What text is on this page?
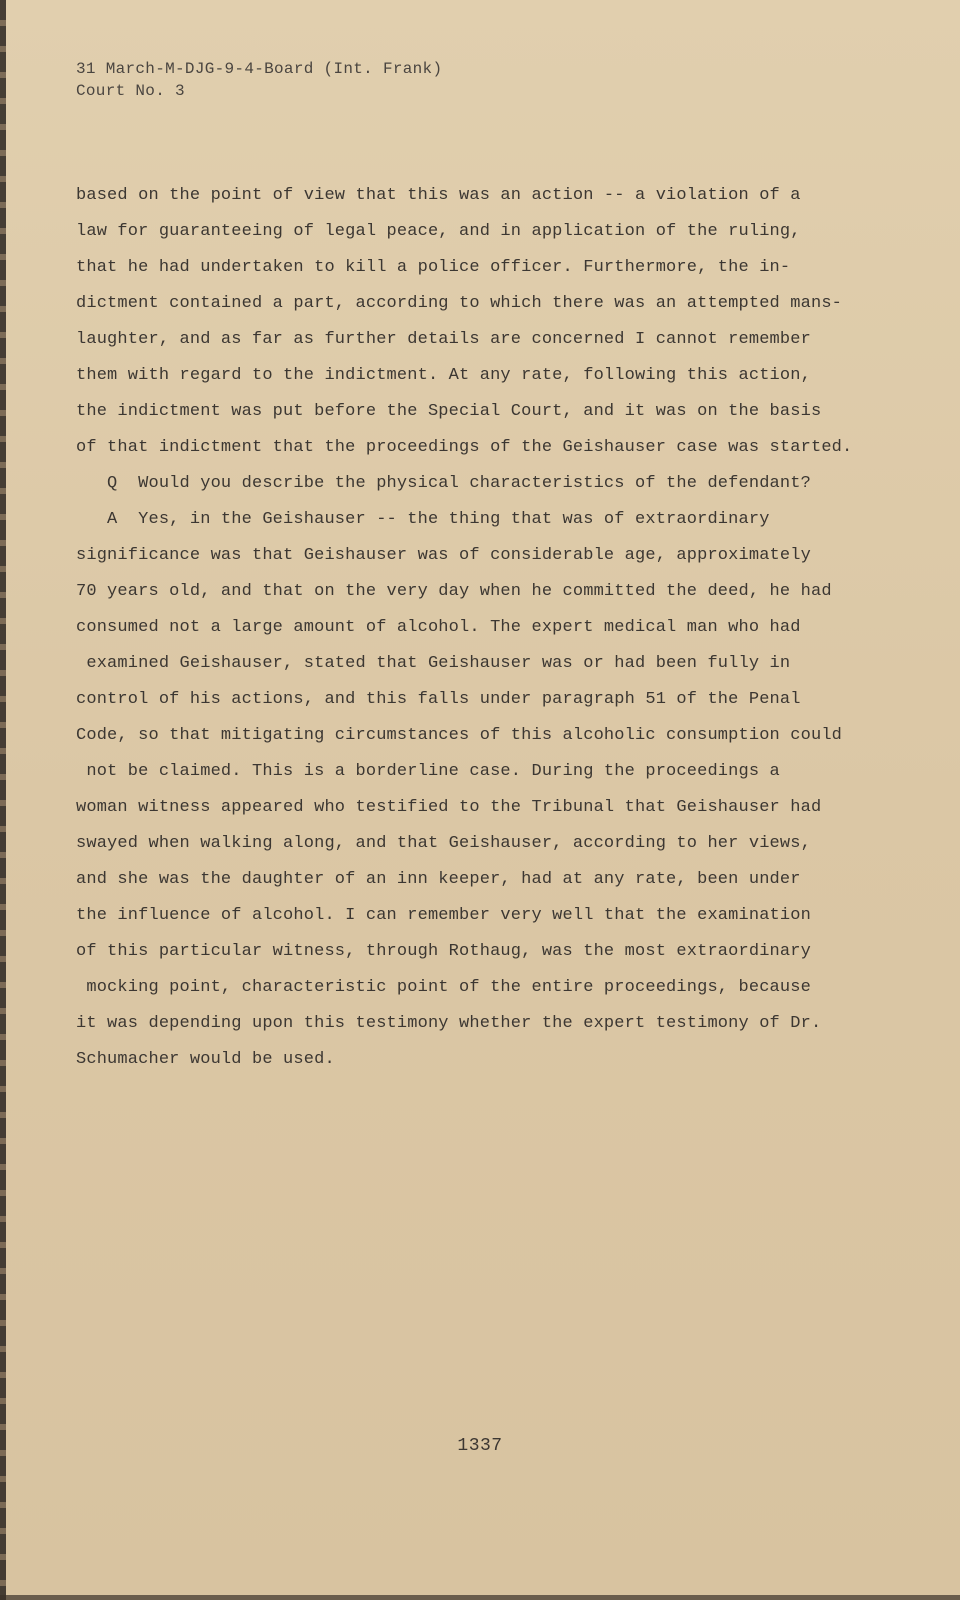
31 March-M-DJG-9-4-Board (Int. Frank)
Court No. 3
based on the point of view that this was an action -- a violation of a
law for guaranteeing of legal peace, and in application of the ruling,
that he had undertaken to kill a police officer. Furthermore, the in-
dictment contained a part, according to which there was an attempted mans-
laughter, and as far as further details are concerned I cannot remember
them with regard to the indictment. At any rate, following this action,
the indictment was put before the Special Court, and it was on the basis
of that indictment that the proceedings of the Geishauser case was started.
Q  Would you describe the physical characteristics of the defendant?
A  Yes, in the Geishauser -- the thing that was of extraordinary
significance was that Geishauser was of considerable age, approximately
70 years old, and that on the very day when he committed the deed, he had
consumed not a large amount of alcohol. The expert medical man who had
examined Geishauser, stated that Geishauser was or had been fully in
control of his actions, and this falls under paragraph 51 of the Penal
Code, so that mitigating circumstances of this alcoholic consumption could
not be claimed. This is a borderline case. During the proceedings a
woman witness appeared who testified to the Tribunal that Geishauser had
swayed when walking along, and that Geishauser, according to her views,
and she was the daughter of an inn keeper, had at any rate, been under
the influence of alcohol. I can remember very well that the examination
of this particular witness, through Rothaug, was the most extraordinary
mocking point, characteristic point of the entire proceedings, because
it was depending upon this testimony whether the expert testimony of Dr.
Schumacher would be used.
1337
